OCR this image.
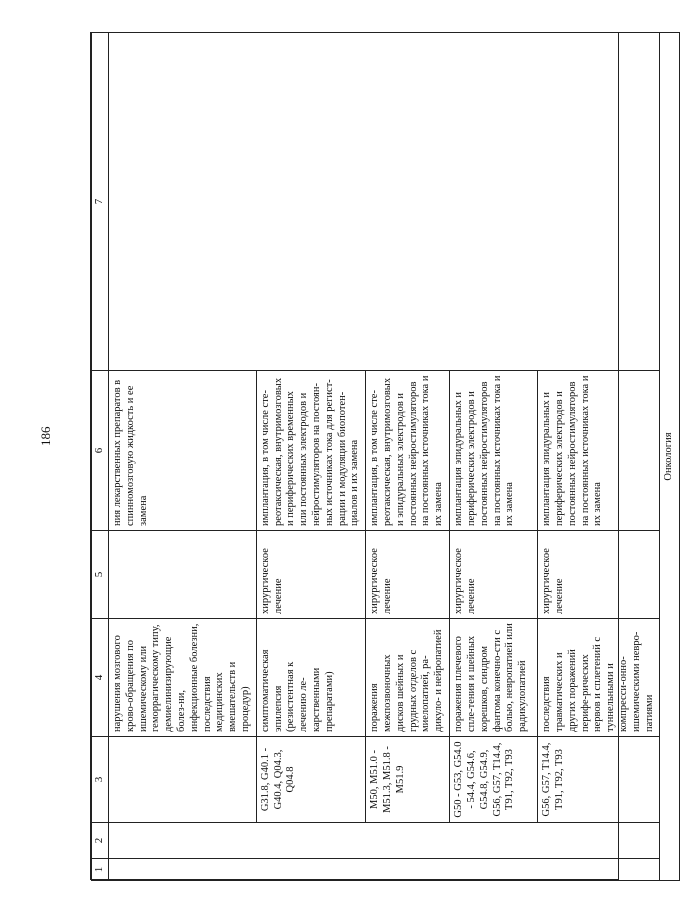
186
1	2	3	4	5	6	7
			нарушения мозгового крово-обращения по ишемическому или геморрагическому типу, демиелинизирующие болез-ни, инфекционные болезни, последствия медицинских вмешательств и процедур)		ния лекарственных препаратов в спинномозговую жидкость и ее замена	
		G31.8, G40.1 - G40.4, Q04.3, Q04.8	симптоматическая эпилепсия (резистентная к лечению ле-карственными препаратами)	хирургическое лечение	имплантация, в том числе сте-реотаксическая, внутримозговых и периферических временных или постоянных электродов и нейростимуляторов на постоян-ных источниках тока для регист-рации и модуляции биопотен-циалов и их замена	
		M50, M51.0 - M51.3, M51.8 - M51.9	поражения межпозвоночных дисков шейных и грудных отделов с миелопатией, ра-дикуло- и нейропатией	хирургическое лечение	имплантация, в том числе сте-реотаксическая, внутримозговых и эпидуральных электродов и постоянных нейростимуляторов на постоянных источниках тока и их замена	
		G50 - G53, G54.0 - 54.4, G54.6, G54.8, G54.9, G56, G57, T14.4, T91, T92, T93	поражения плечевого спле-тения и шейных корешков, синдром фантома конечно-сти с болью, невропатией или радикулопатией	хирургическое лечение	имплантация эпидуральных и периферических электродов и постоянных нейростимуляторов на постоянных источниках тока и их замена	
		G56, G57, T14.4, T91, T92, T93	последствия травматических и других поражений перифе-рических нервов и сплетений с туннельными и компресси-онно-ишемическими невро-патиями	хирургическое лечение	имплантация эпидуральных и периферических электродов и постоянных нейростимуляторов на постоянных источниках тока и их замена	
Онкология						
